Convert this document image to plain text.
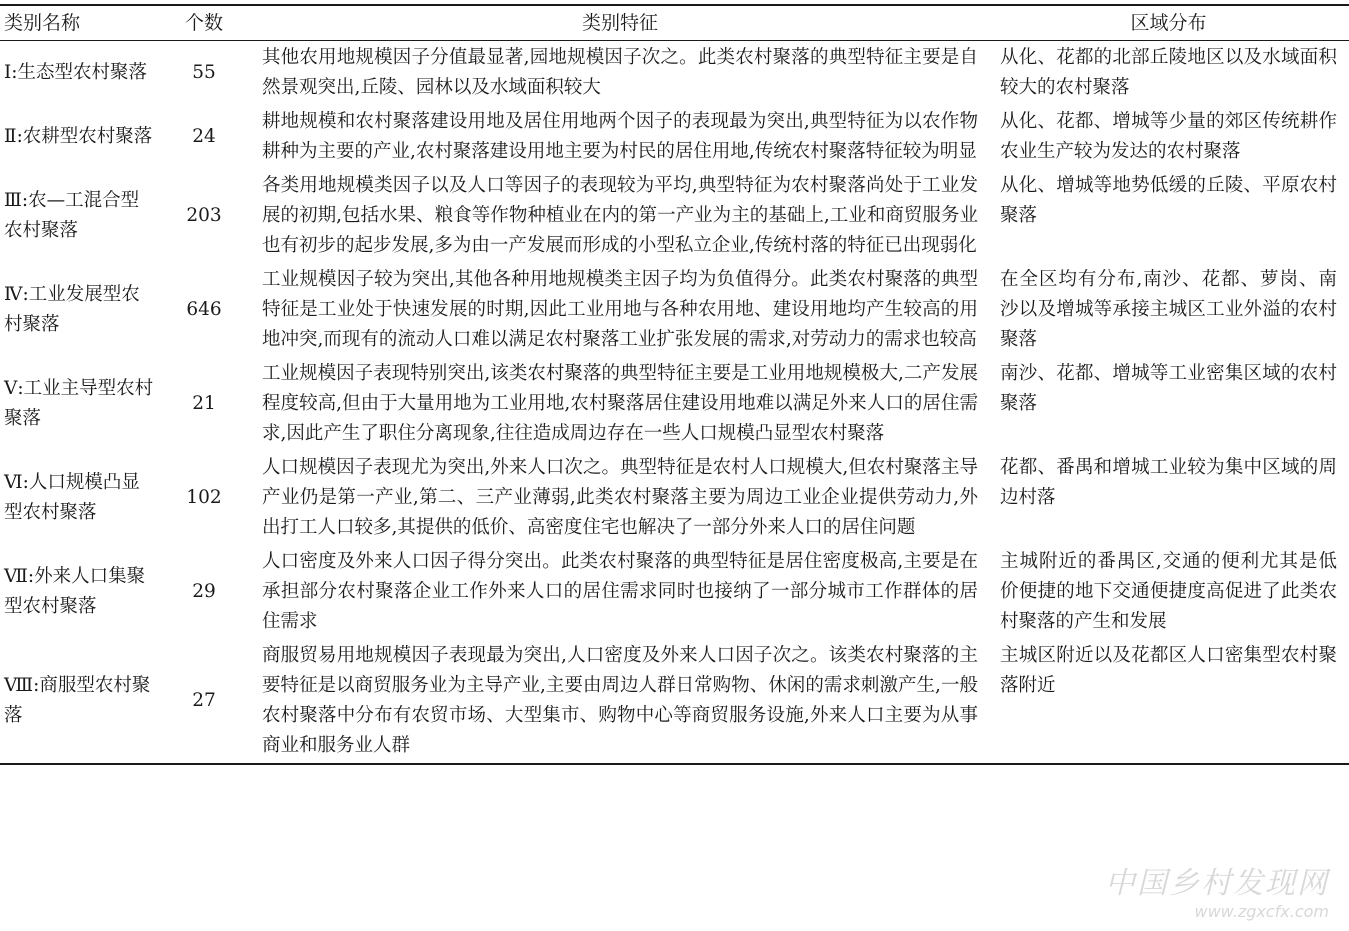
类别名称	个数	类别特征	区域分布
Ⅰ:生态型农村聚落	55	其他农用地规模因子分值最显著,园地规模因子次之。此类农村聚落的典型特征主要是自然景观突出,丘陵、园林以及水域面积较大	从化、花都的北部丘陵地区以及水域面积较大的农村聚落
Ⅱ:农耕型农村聚落	24	耕地规模和农村聚落建设用地及居住用地两个因子的表现最为突出,典型特征为以农作物耕种为主要的产业,农村聚落建设用地主要为村民的居住用地,传统农村聚落特征较为明显	从化、花都、增城等少量的郊区传统耕作农业生产较为发达的农村聚落
Ⅲ:农—工混合型农村聚落	203	各类用地规模类因子以及人口等因子的表现较为平均,典型特征为农村聚落尚处于工业发展的初期,包括水果、粮食等作物种植业在内的第一产业为主的基础上,工业和商贸服务业也有初步的起步发展,多为由一产发展而形成的小型私立企业,传统村落的特征已出现弱化	从化、增城等地势低缓的丘陵、平原农村聚落
Ⅳ:工业发展型农村聚落	646	工业规模因子较为突出,其他各种用地规模类主因子均为负值得分。此类农村聚落的典型特征是工业处于快速发展的时期,因此工业用地与各种农用地、建设用地均产生较高的用地冲突,而现有的流动人口难以满足农村聚落工业扩张发展的需求,对劳动力的需求也较高	在全区均有分布,南沙、花都、萝岗、南沙以及增城等承接主城区工业外溢的农村聚落
Ⅴ:工业主导型农村聚落	21	工业规模因子表现特别突出,该类农村聚落的典型特征主要是工业用地规模极大,二产发展程度较高,但由于大量用地为工业用地,农村聚落居住建设用地难以满足外来人口的居住需求,因此产生了职住分离现象,往往造成周边存在一些人口规模凸显型农村聚落	南沙、花都、增城等工业密集区域的农村聚落
Ⅵ:人口规模凸显型农村聚落	102	人口规模因子表现尤为突出,外来人口次之。典型特征是农村人口规模大,但农村聚落主导产业仍是第一产业,第二、三产业薄弱,此类农村聚落主要为周边工业企业提供劳动力,外出打工人口较多,其提供的低价、高密度住宅也解决了一部分外来人口的居住问题	花都、番禺和增城工业较为集中区域的周边村落
Ⅶ:外来人口集聚型农村聚落	29	人口密度及外来人口因子得分突出。此类农村聚落的典型特征是居住密度极高,主要是在承担部分农村聚落企业工作外来人口的居住需求同时也接纳了一部分城市工作群体的居住需求	主城附近的番禺区,交通的便利尤其是低价便捷的地下交通便捷度高促进了此类农村聚落的产生和发展
Ⅷ:商服型农村聚落	27	商服贸易用地规模因子表现最为突出,人口密度及外来人口因子次之。该类农村聚落的主要特征是以商贸服务业为主导产业,主要由周边人群日常购物、休闲的需求刺激产生,一般农村聚落中分布有农贸市场、大型集市、购物中心等商贸服务设施,外来人口主要为从事商业和服务业人群	主城区附近以及花都区人口密集型农村聚落附近
中国乡村发现网
www.zgxcfx.com
